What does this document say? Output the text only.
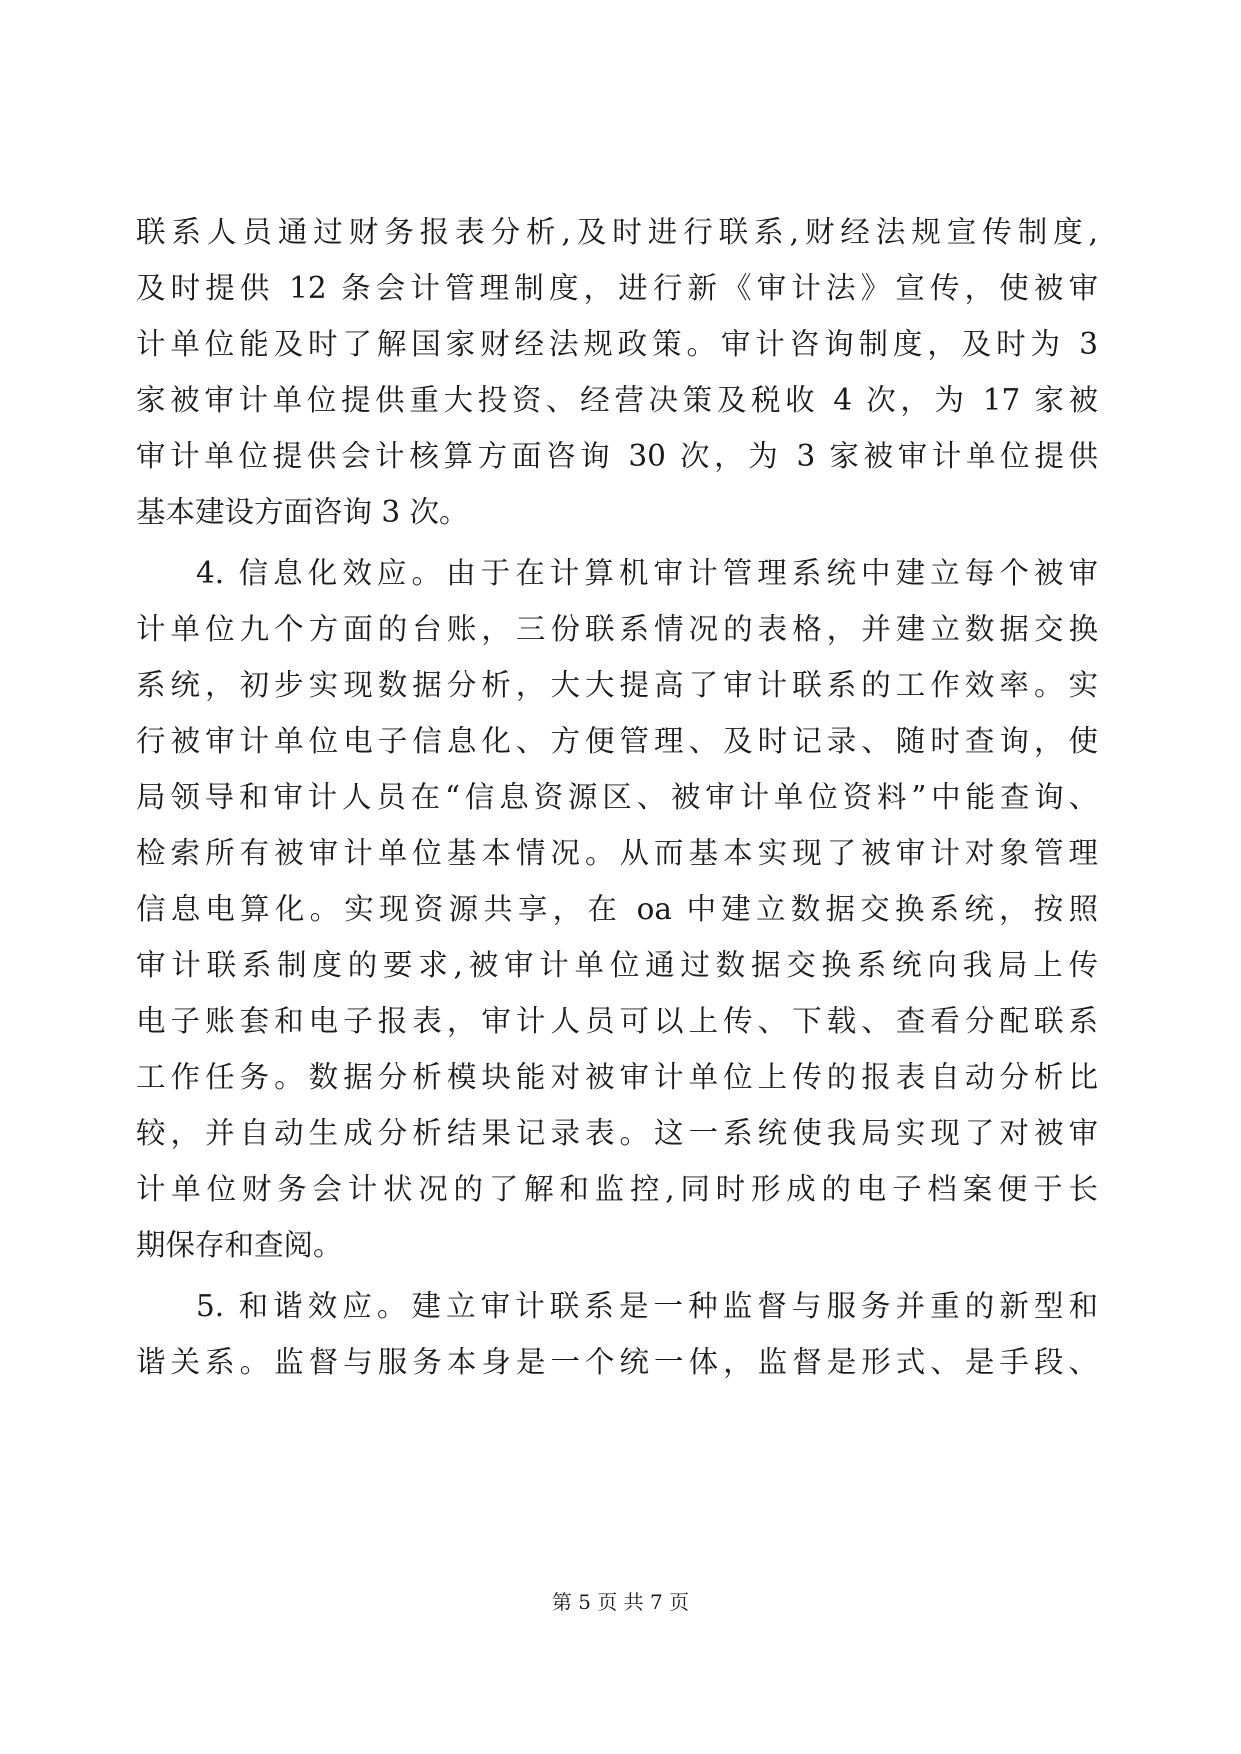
联系人员通过财务报表分析,及时进行联系,财经法规宣传制度,
及时提供 12 条会计管理制度，进行新《审计法》宣传，使被审
计单位能及时了解国家财经法规政策。审计咨询制度，及时为 3
家被审计单位提供重大投资、经营决策及税收 4 次，为 17 家被
审计单位提供会计核算方面咨询 30 次，为 3 家被审计单位提供
基本建设方面咨询 3 次。
4. 信息化效应。由于在计算机审计管理系统中建立每个被审
计单位九个方面的台账，三份联系情况的表格，并建立数据交换
系统，初步实现数据分析，大大提高了审计联系的工作效率。实
行被审计单位电子信息化、方便管理、及时记录、随时查询，使
局领导和审计人员在“信息资源区、被审计单位资料”中能查询、
检索所有被审计单位基本情况。从而基本实现了被审计对象管理
信息电算化。实现资源共享，在 oa 中建立数据交换系统，按照
审计联系制度的要求,被审计单位通过数据交换系统向我局上传
电子账套和电子报表，审计人员可以上传、下载、查看分配联系
工作任务。数据分析模块能对被审计单位上传的报表自动分析比
较，并自动生成分析结果记录表。这一系统使我局实现了对被审
计单位财务会计状况的了解和监控,同时形成的电子档案便于长
期保存和查阅。
5. 和谐效应。建立审计联系是一种监督与服务并重的新型和
谐关系。监督与服务本身是一个统一体，监督是形式、是手段、
第 5 页 共 7 页
